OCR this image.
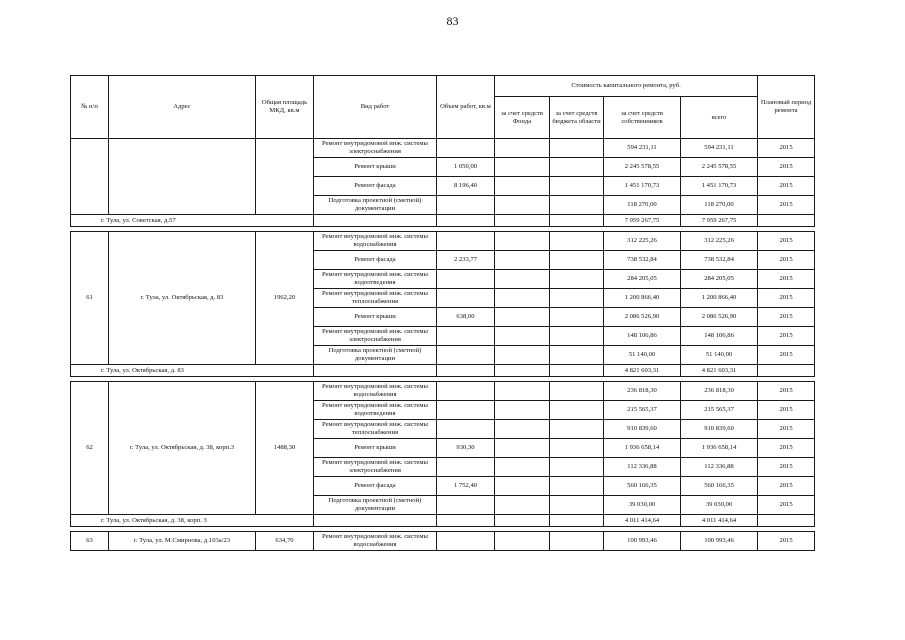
83
№ п/п	Адрес	Общая площадь МКД, кв.м	Вид работ	Объем работ, кв.м	Стоимость капитального ремонта, руб.				Плановый период ремонта
					за счет средств Фонда	за счет средств бюджета области	за счет средств собственников	всего	
			Ремонт внутридомовой инж. системы электроснабжения				594 231,11	594 231,11	2015
			Ремонт крыши	1 050,00			2 245 578,55	2 245 578,55	2015
			Ремонт фасада	8 196,40			1 451 170,73	1 451 170,73	2015
			Подготовка проектной (сметной) документации				118 270,00	118 270,00	2015
г. Тула, ул. Советская, д.57							7 959 267,75	7 959 267,75	

61	г. Тула, ул. Октябрьская, д. 83	1962,20	Ремонт внутридомовой инж. системы водоснабжения				312 225,26	312 225,26	2015
			Ремонт фасада	2 233,77			738 532,84	738 532,84	2015
			Ремонт внутридомовой инж. системы водоотведения				284 205,05	284 205,05	2015
			Ремонт внутридомовой инж. системы теплоснабжения				1 200 866,40	1 200 866,40	2015
			Ремонт крыши	638,00			2 086 526,90	2 086 526,90	2015
			Ремонт внутридомовой инж. системы электроснабжения				148 106,86	148 106,86	2015
			Подготовка проектной (сметной) документации				51 140,00	51 140,00	2015
г. Тула, ул. Октябрьская, д. 83							4 821 603,31	4 821 603,31	

62	г. Тула, ул. Октябрьская, д. 38, корп.3	1488,30	Ремонт внутридомовой инж. системы водоснабжения				236 818,30	236 818,30	2015
			Ремонт внутридомовой инж. системы водоотведения				215 565,37	215 565,37	2015
			Ремонт внутридомовой инж. системы теплоснабжения				910 839,60	910 839,60	2015
			Ремонт крыши	930,30			1 936 658,14	1 936 658,14	2015
			Ремонт внутридомовой инж. системы электроснабжения				112 336,88	112 336,88	2015
			Ремонт фасада	1 752,40			560 166,35	560 166,35	2015
			Подготовка проектной (сметной) документации				39 030,00	39 030,00	2015
г. Тула, ул. Октябрьская, д. 38, корп. 3							4 011 414,64	4 011 414,64	

63	г. Тула, ул. М.Смирнова, д.103а/23	634,70	Ремонт внутридомовой инж. системы водоснабжения				100 993,46	100 993,46	2015
